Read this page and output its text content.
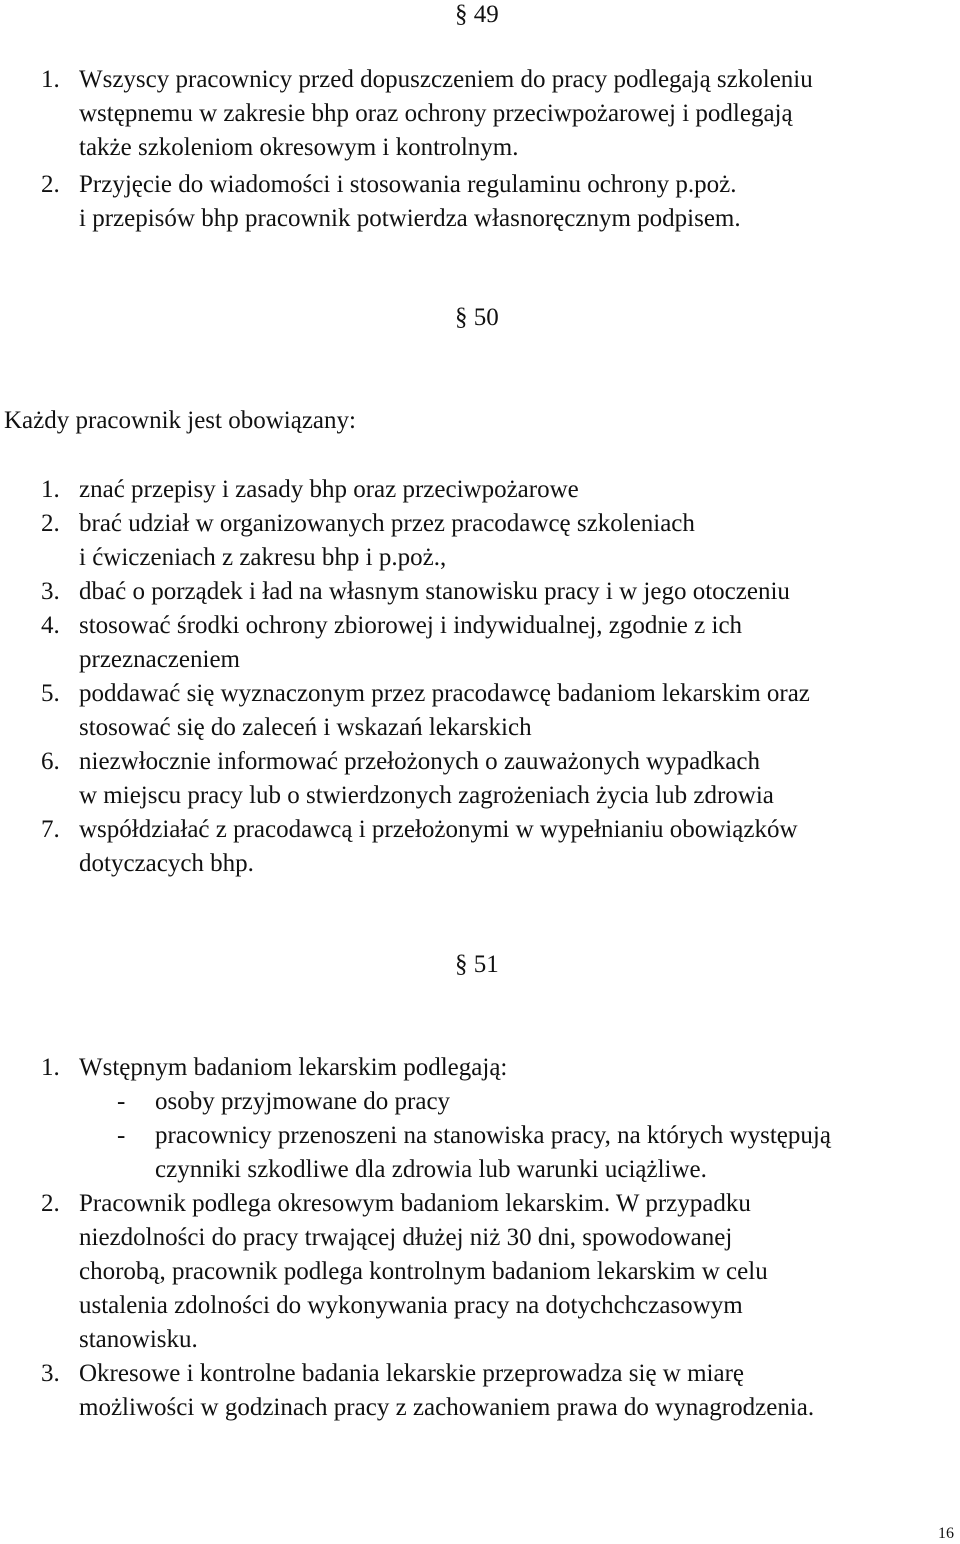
§ 49
1. Wszyscy pracownicy przed dopuszczeniem do pracy podlegają szkoleniu
wstępnemu w zakresie bhp oraz ochrony przeciwpożarowej i podlegają
także szkoleniom okresowym i kontrolnym.
2. Przyjęcie do wiadomości i stosowania regulaminu ochrony p.poż.
i przepisów bhp pracownik potwierdza własnoręcznym podpisem.
§ 50
Każdy pracownik jest obowiązany:
1. znać przepisy i zasady bhp oraz przeciwpożarowe
2. brać udział w organizowanych przez pracodawcę szkoleniach
i ćwiczeniach z zakresu bhp i p.poż.,
3. dbać o porządek i ład na własnym stanowisku pracy i w jego otoczeniu
4. stosować środki ochrony zbiorowej i indywidualnej, zgodnie z ich
przeznaczeniem
5. poddawać się wyznaczonym przez pracodawcę badaniom lekarskim oraz
stosować się do zaleceń i wskazań lekarskich
6. niezwłocznie informować przełożonych o zauważonych wypadkach
w miejscu pracy lub o stwierdzonych zagrożeniach życia lub zdrowia
7. współdziałać z pracodawcą i przełożonymi w wypełnianiu obowiązków
dotyczacych bhp.
§ 51
1. Wstępnym badaniom lekarskim podlegają:
- osoby przyjmowane do pracy
- pracownicy przenoszeni na stanowiska pracy, na których występują
czynniki szkodliwe dla zdrowia lub warunki uciążliwe.
2. Pracownik podlega okresowym badaniom lekarskim. W przypadku
niezdolności do pracy trwającej dłużej niż 30 dni, spowodowanej
chorobą, pracownik podlega kontrolnym badaniom lekarskim w celu
ustalenia zdolności do wykonywania pracy na dotychchczasowym
stanowisku.
3. Okresowe i kontrolne badania lekarskie przeprowadza się w miarę
możliwości w godzinach pracy z zachowaniem prawa do wynagrodzenia.
16
